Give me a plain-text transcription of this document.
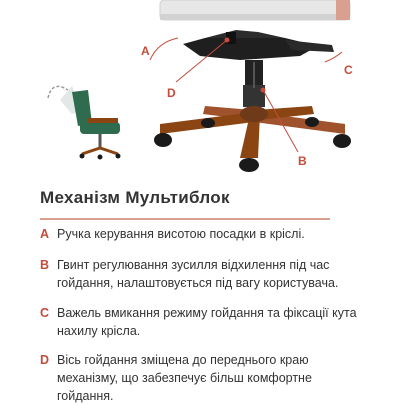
A
B
C
D
Механізм Мультиблок
A Ручка керування висотою посадки в кріслі.
B Гвинт регулювання зусилля відхилення під час гойдання, налаштовується під вагу користувача.
C Важель вмикання режиму гойдання та фіксації кута нахилу крісла.
D Вісь гойдання зміщена до переднього краю механізму, що забезпечує більш комфортне гойдання.
